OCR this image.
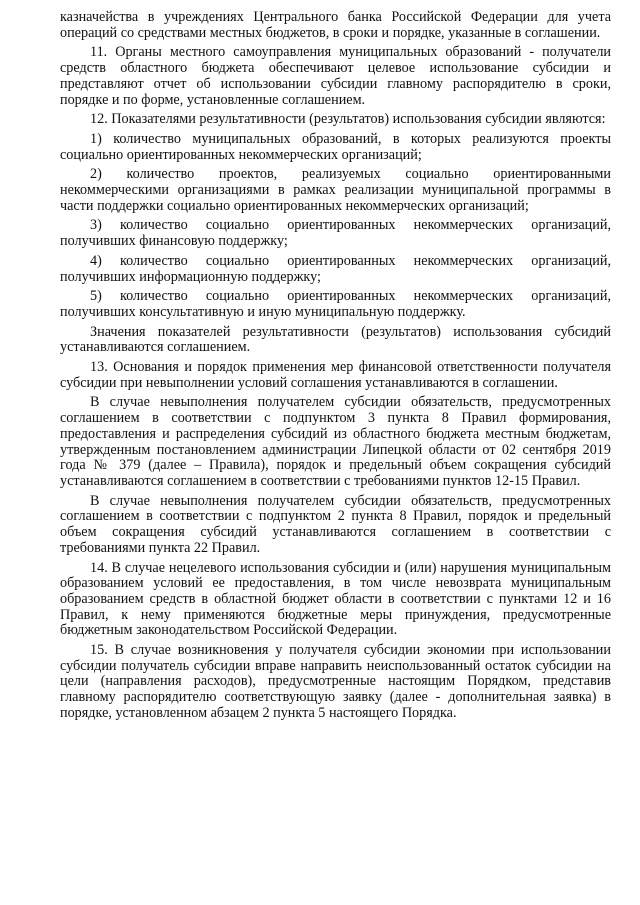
казначейства в учреждениях Центрального банка Российской Федерации для учета операций со средствами местных бюджетов, в сроки и порядке, указанные в соглашении.

11. Органы местного самоуправления муниципальных образований - получатели средств областного бюджета обеспечивают целевое использование субсидии и представляют отчет об использовании субсидии главному распорядителю в сроки, порядке и по форме, установленные соглашением.

12. Показателями результативности (результатов) использования субсидии являются:

1) количество муниципальных образований, в которых реализуются проекты социально ориентированных некоммерческих организаций;

2) количество проектов, реализуемых социально ориентированными некоммерческими организациями в рамках реализации муниципальной программы в части поддержки социально ориентированных некоммерческих организаций;

3) количество социально ориентированных некоммерческих организаций, получивших финансовую поддержку;

4) количество социально ориентированных некоммерческих организаций, получивших информационную поддержку;

5) количество социально ориентированных некоммерческих организаций, получивших консультативную и иную муниципальную поддержку.

Значения показателей результативности (результатов) использования субсидий устанавливаются соглашением.

13. Основания и порядок применения мер финансовой ответственности получателя субсидии при невыполнении условий соглашения устанавливаются в соглашении.

В случае невыполнения получателем субсидии обязательств, предусмотренных соглашением в соответствии с подпунктом 3 пункта 8 Правил формирования, предоставления и распределения субсидий из областного бюджета местным бюджетам, утвержденным постановлением администрации Липецкой области от 02 сентября 2019 года № 379 (далее – Правила), порядок и предельный объем сокращения субсидий устанавливаются соглашением в соответствии с требованиями пунктов 12-15 Правил.

В случае невыполнения получателем субсидии обязательств, предусмотренных соглашением в соответствии с подпунктом 2 пункта 8 Правил, порядок и предельный объем сокращения субсидий устанавливаются соглашением в соответствии с требованиями пункта 22 Правил.

14. В случае нецелевого использования субсидии и (или) нарушения муниципальным образованием условий ее предоставления, в том числе невозврата муниципальным образованием средств в областной бюджет области в соответствии с пунктами 12 и 16 Правил, к нему применяются бюджетные меры принуждения, предусмотренные бюджетным законодательством Российской Федерации.

15. В случае возникновения у получателя субсидии экономии при использовании субсидии получатель субсидии вправе направить неиспользованный остаток субсидии на цели (направления расходов), предусмотренные настоящим Порядком, представив главному распорядителю соответствующую заявку (далее - дополнительная заявка) в порядке, установленном абзацем 2 пункта 5 настоящего Порядка.
